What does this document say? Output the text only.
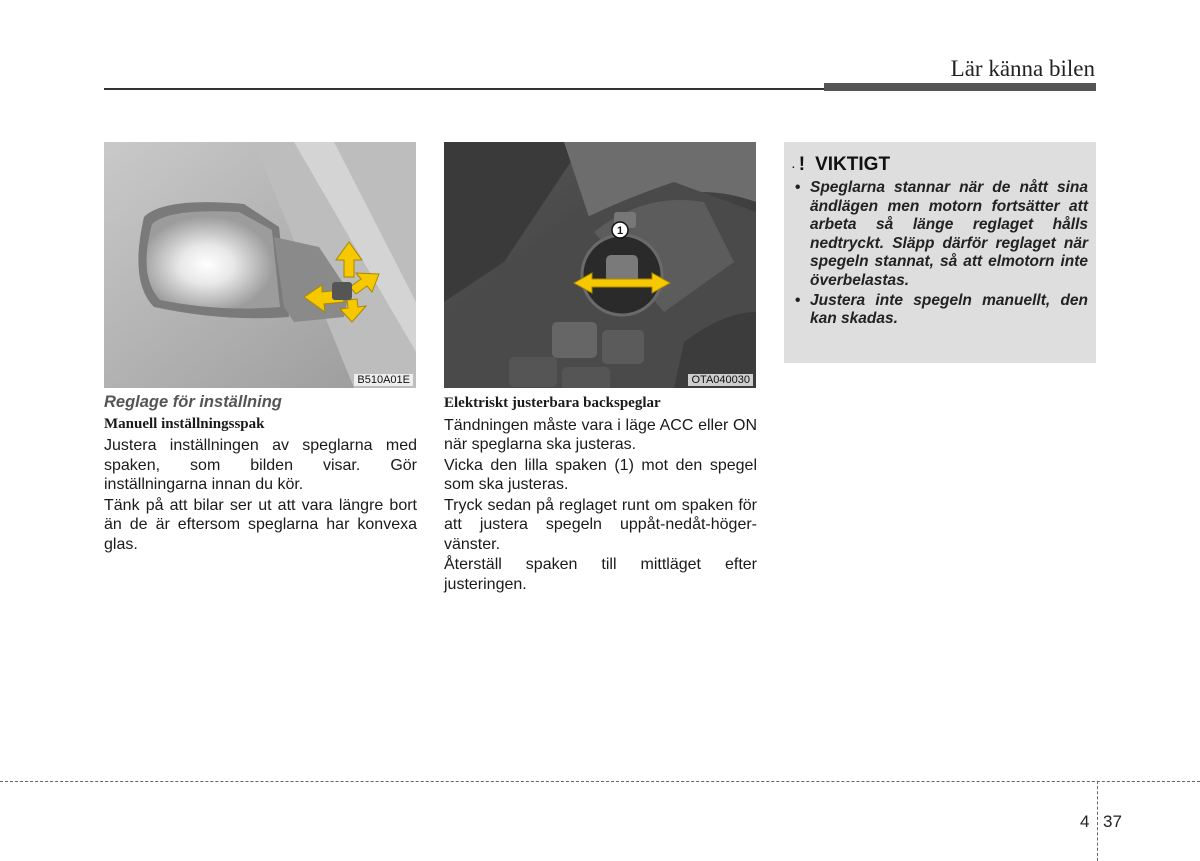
Lär känna bilen
B510A01E
1
OTA040030

Reglage för inställning

Manuell inställningsspak

Justera inställningen av speglarna med spaken, som bilden visar. Gör inställningarna innan du kör.

Tänk på att bilar ser ut att vara längre bort än de är eftersom speglarna har konvexa glas.

Elektriskt justerbara backspeglar

Tändningen måste vara i läge ACC eller ON när speglarna ska justeras.

Vicka den lilla spaken (1) mot den spegel som ska justeras.

Tryck sedan på reglaget runt om spaken för att justera spegeln uppåt-nedåt-höger-vänster.

Återställ spaken till mittläget efter justeringen.

. ! VIKTIGT
• Speglarna stannar när de nått sina ändlägen men motorn fortsätter att arbeta så länge reglaget hålls nedtryckt. Släpp därför reglaget när spegeln stannat, så att elmotorn inte överbelastas.
• Justera inte spegeln manuellt, den kan skadas.
4 37
